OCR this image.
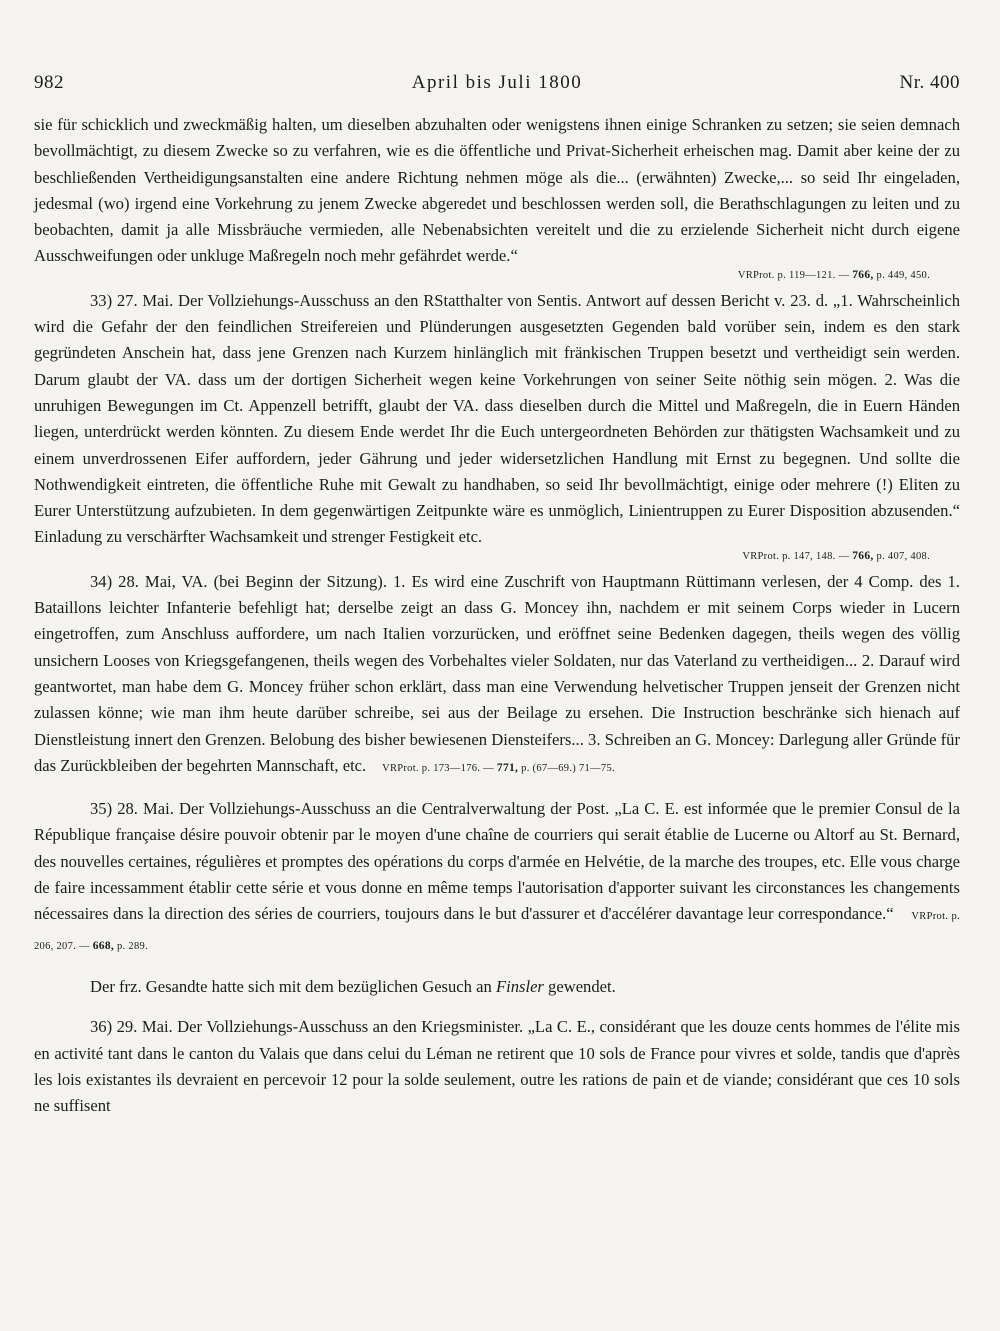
982	April bis Juli 1800	Nr. 400

sie für schicklich und zweckmäßig halten, um dieselben abzuhalten oder wenigstens ihnen einige Schranken zu setzen; sie seien demnach bevollmächtigt, zu diesem Zwecke so zu verfahren, wie es die öffentliche und Privat-Sicherheit erheischen mag. Damit aber keine der zu beschließenden Vertheidigungsanstalten eine andere Richtung nehmen möge als die... (erwähnten) Zwecke,... so seid Ihr eingeladen, jedesmal (wo) irgend eine Vorkehrung zu jenem Zwecke abgeredet und beschlossen werden soll, die Berathschlagungen zu leiten und zu beobachten, damit ja alle Missbräuche vermieden, alle Nebenabsichten vereitelt und die zu erzielende Sicherheit nicht durch eigene Ausschweifungen oder unkluge Maßregeln noch mehr gefährdet werde.“

VRProt. p. 119—121. — 766, p. 449, 450.

33) 27. Mai. Der Vollziehungs-Ausschuss an den RStatthalter von Sentis. Antwort auf dessen Bericht v. 23. d. „1. Wahrscheinlich wird die Gefahr der den feindlichen Streifereien und Plünderungen ausgesetzten Gegenden bald vorüber sein, indem es den stark gegründeten Anschein hat, dass jene Grenzen nach Kurzem hinlänglich mit fränkischen Truppen besetzt und vertheidigt sein werden. Darum glaubt der VA. dass um der dortigen Sicherheit wegen keine Vorkehrungen von seiner Seite nöthig sein mögen. 2. Was die unruhigen Bewegungen im Ct. Appenzell betrifft, glaubt der VA. dass dieselben durch die Mittel und Maßregeln, die in Euern Händen liegen, unterdrückt werden könnten. Zu diesem Ende werdet Ihr die Euch untergeordneten Behörden zur thätigsten Wachsamkeit und zu einem unverdrossenen Eifer auffordern, jeder Gährung und jeder widersetzlichen Handlung mit Ernst zu begegnen. Und sollte die Nothwendigkeit eintreten, die öffentliche Ruhe mit Gewalt zu handhaben, so seid Ihr bevollmächtigt, einige oder mehrere (!) Eliten zu Eurer Unterstützung aufzubieten. In dem gegenwärtigen Zeitpunkte wäre es unmöglich, Linientruppen zu Eurer Disposition abzusenden.“ Einladung zu verschärfter Wachsamkeit und strenger Festigkeit etc.

VRProt. p. 147, 148. — 766, p. 407, 408.

34) 28. Mai, VA. (bei Beginn der Sitzung). 1. Es wird eine Zuschrift von Hauptmann Rüttimann verlesen, der 4 Comp. des 1. Bataillons leichter Infanterie befehligt hat; derselbe zeigt an dass G. Moncey ihn, nachdem er mit seinem Corps wieder in Lucern eingetroffen, zum Anschluss auffordere, um nach Italien vorzurücken, und eröffnet seine Bedenken dagegen, theils wegen des völlig unsichern Looses von Kriegsgefangenen, theils wegen des Vorbehaltes vieler Soldaten, nur das Vaterland zu vertheidigen... 2. Darauf wird geantwortet, man habe dem G. Moncey früher schon erklärt, dass man eine Verwendung helvetischer Truppen jenseit der Grenzen nicht zulassen könne; wie man ihm heute darüber schreibe, sei aus der Beilage zu ersehen. Die Instruction beschränke sich hienach auf Dienstleistung innert den Grenzen. Belobung des bisher bewiesenen Diensteifers... 3. Schreiben an G. Moncey: Darlegung aller Gründe für das Zurückbleiben der begehrten Mannschaft, etc. VRProt. p. 173—176. — 771, p. (67—69.) 71—75.

35) 28. Mai. Der Vollziehungs-Ausschuss an die Centralverwaltung der Post. „La C. E. est informée que le premier Consul de la République française désire pouvoir obtenir par le moyen d'une chaîne de courriers qui serait établie de Lucerne ou Altorf au St. Bernard, des nouvelles certaines, régulières et promptes des opérations du corps d'armée en Helvétie, de la marche des troupes, etc. Elle vous charge de faire incessamment établir cette série et vous donne en même temps l'autorisation d'apporter suivant les circonstances les changements nécessaires dans la direction des séries de courriers, toujours dans le but d'assurer et d'accélérer davantage leur correspondance.“ VRProt. p. 206, 207. — 668, p. 289.

Der frz. Gesandte hatte sich mit dem bezüglichen Gesuch an Finsler gewendet.

36) 29. Mai. Der Vollziehungs-Ausschuss an den Kriegsminister. „La C. E., considérant que les douze cents hommes de l'élite mis en activité tant dans le canton du Valais que dans celui du Léman ne retirent que 10 sols de France pour vivres et solde, tandis que d'après les lois existantes ils devraient en percevoir 12 pour la solde seulement, outre les rations de pain et de viande; considérant que ces 10 sols ne suffisent
